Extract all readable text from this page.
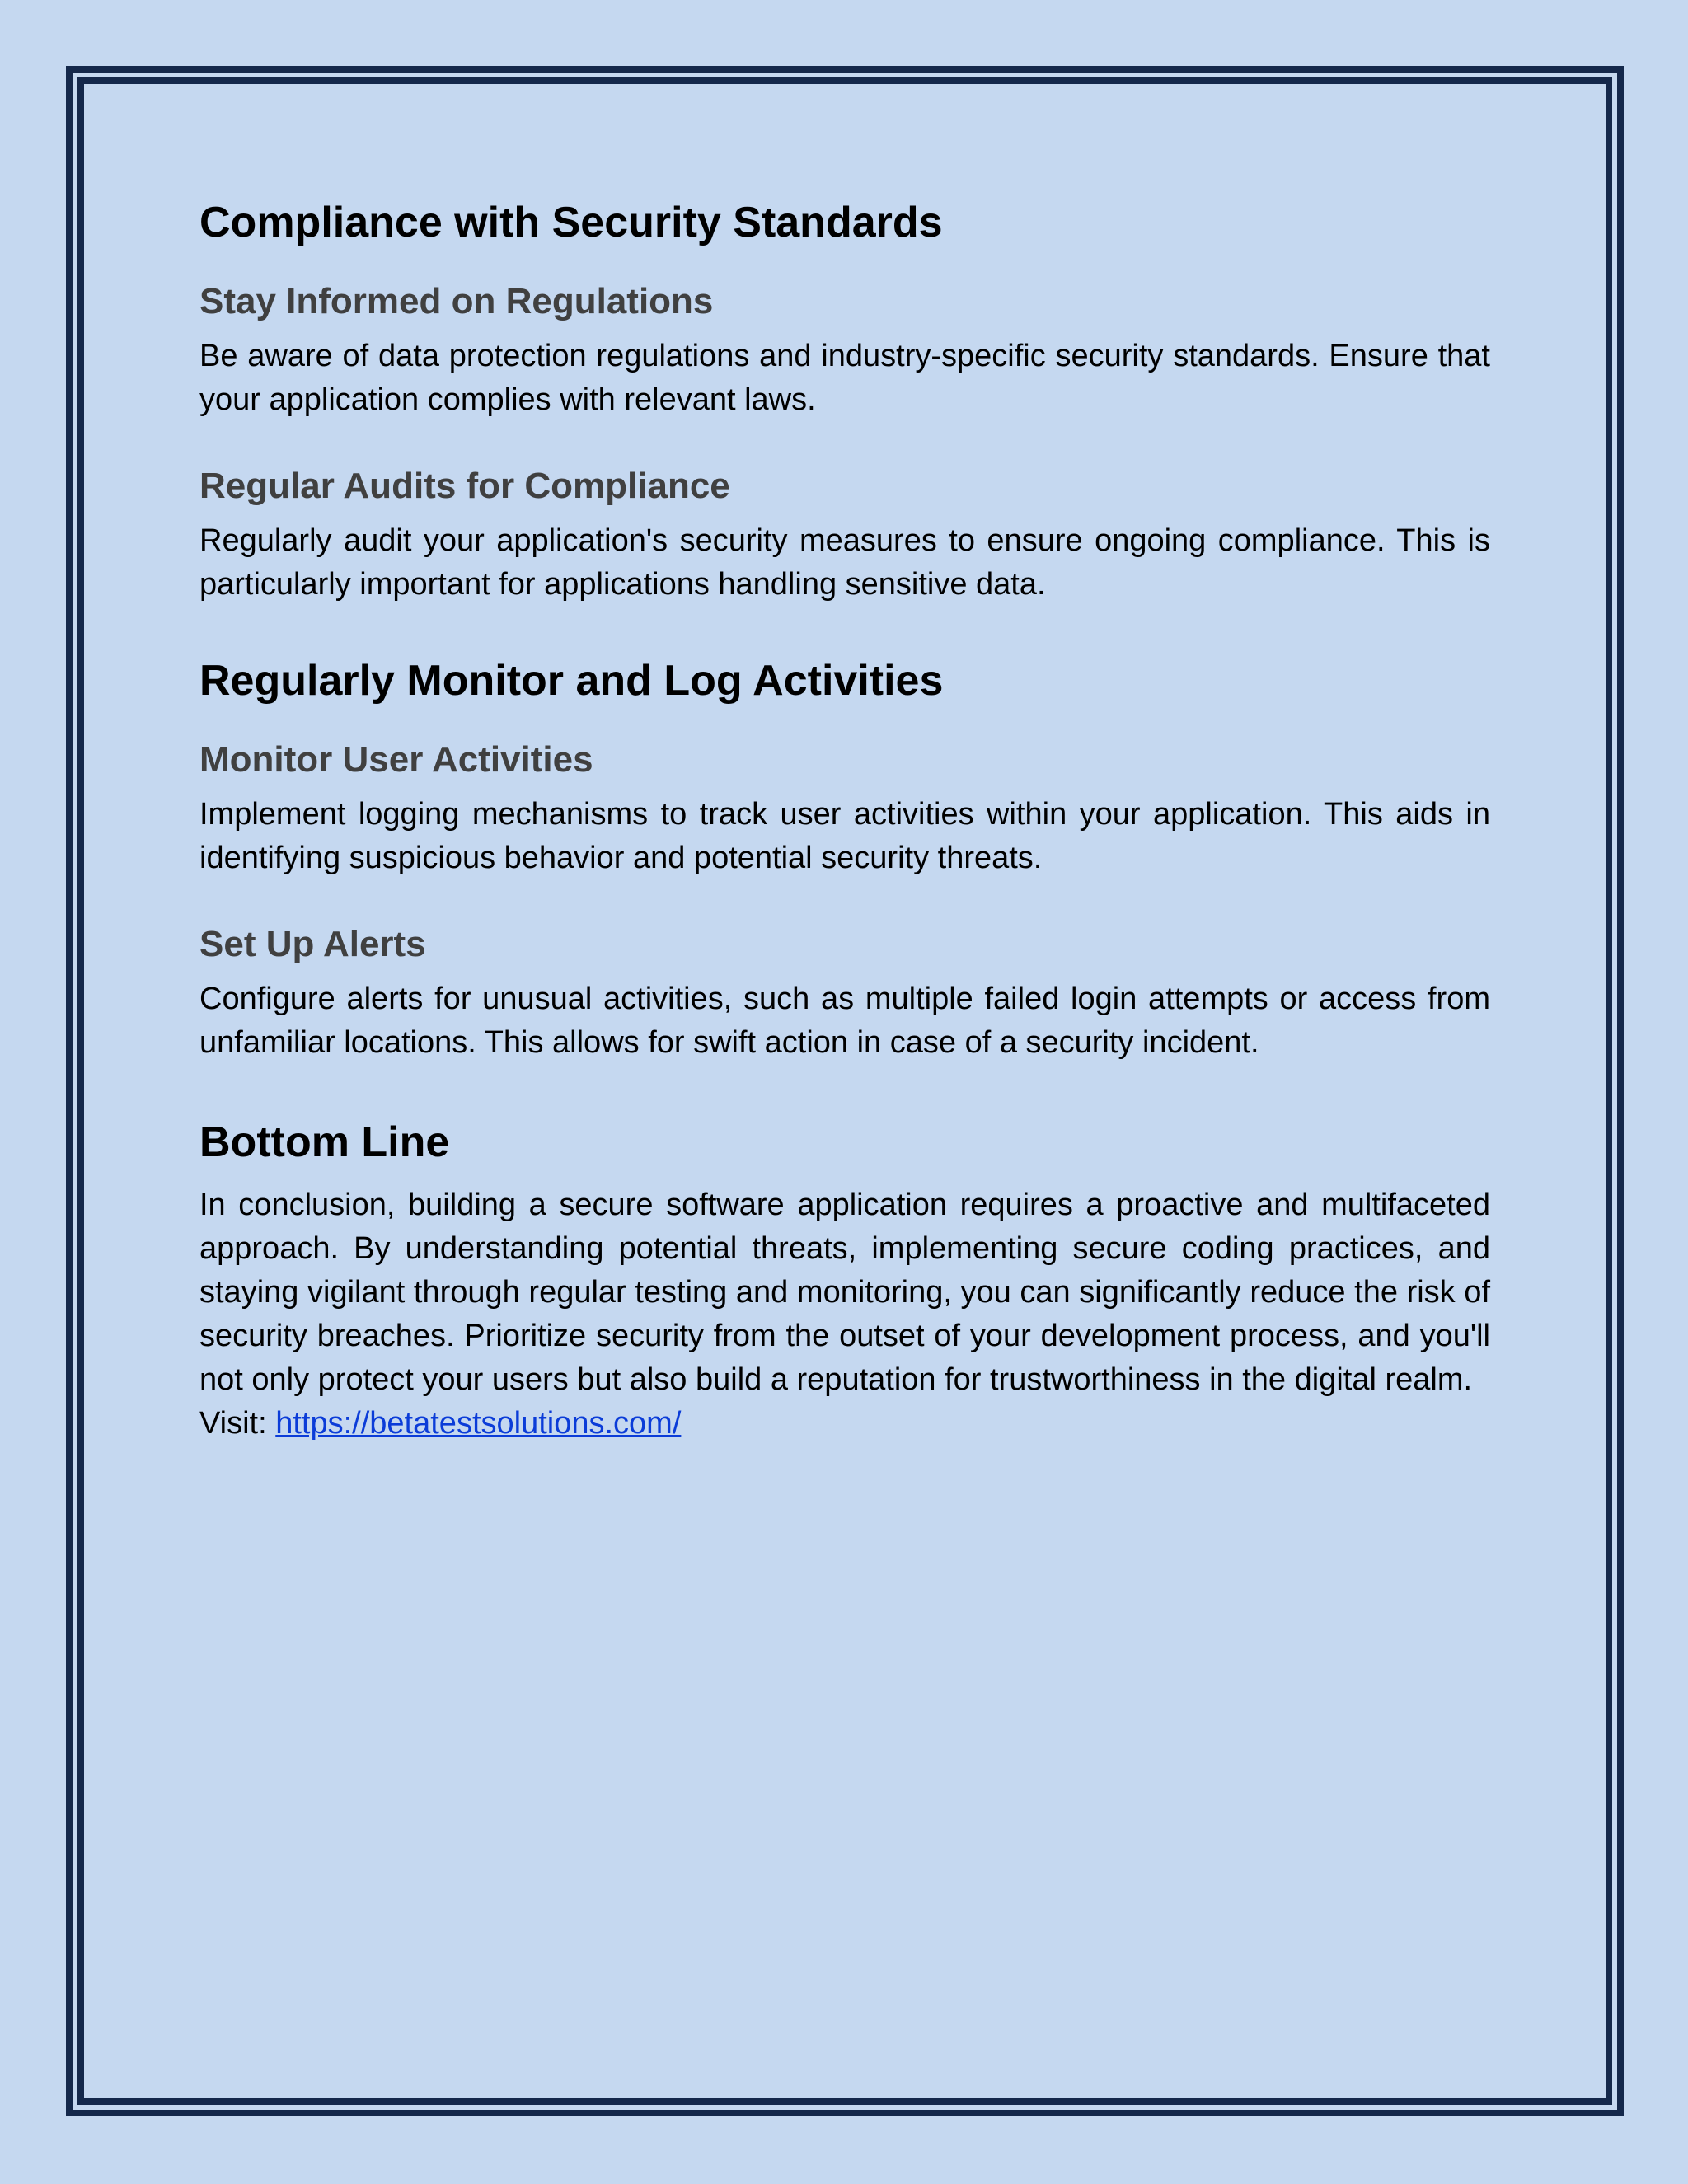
Compliance with Security Standards
Stay Informed on Regulations

Be aware of data protection regulations and industry-specific security standards. Ensure that your application complies with relevant laws.

Regular Audits for Compliance

Regularly audit your application's security measures to ensure ongoing compliance. This is particularly important for applications handling sensitive data.

Regularly Monitor and Log Activities
Monitor User Activities

Implement logging mechanisms to track user activities within your application. This aids in identifying suspicious behavior and potential security threats.

Set Up Alerts

Configure alerts for unusual activities, such as multiple failed login attempts or access from unfamiliar locations. This allows for swift action in case of a security incident.

Bottom Line

In conclusion, building a secure software application requires a proactive and multifaceted approach. By understanding potential threats, implementing secure coding practices, and staying vigilant through regular testing and monitoring, you can significantly reduce the risk of security breaches. Prioritize security from the outset of your development process, and you'll not only protect your users but also build a reputation for trustworthiness in the digital realm.

Visit: https://betatestsolutions.com/
